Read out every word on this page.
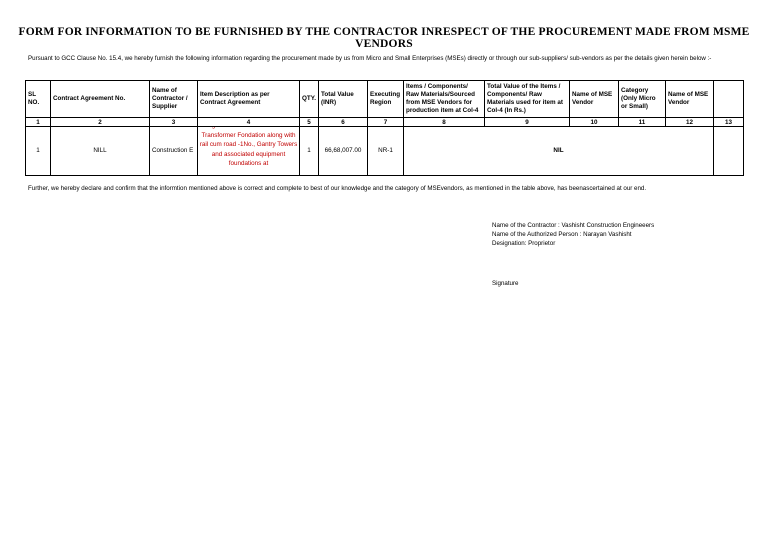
FORM FOR INFORMATION TO BE FURNISHED BY THE CONTRACTOR INRESPECT OF THE PROCUREMENT MADE FROM MSME VENDORS
Pursuant to GCC Clause No. 15.4, we hereby furnish the following information regarding the procurement made by us from Micro and Small Enterprises (MSEs) directly or through our sub-suppliers/ sub-vendors as per the details given herein below :-
SL NO.	Contract Agreement No.	Name of Contractor / Supplier	Item Description as per Contract Agreement	QTY.	Total Value (INR)	Executing Region	Items / Components/ Raw Materials/Sourced from MSE Vendors for production item at Col-4	Total Value of the Items / Components/ Raw Materials used for item at Col-4 (In Rs.)	Name of MSE Vendor	Category (Only Micro or Small)	Name of MSE Vendor	
1	2	3	4	5	6	7	8	9	10	11	12	13
1	NILL	Construction E	Transformer Fondation along with rail cum road -1No., Gantry Towers and associated equipment foundations at	1	66,68,007.00	NR-1	NIL					
Further, we hereby declare and confirm that the informtion mentioned above is correct and complete to best of our knowledge and the category of MSEvendors, as mentioned in the table above, has beenascertained at our end.
Name of the Contractor : Vashisht Construction Engineeers
Name of the Authorized Person : Narayan Vashisht
Designation: Proprietor
Signature
